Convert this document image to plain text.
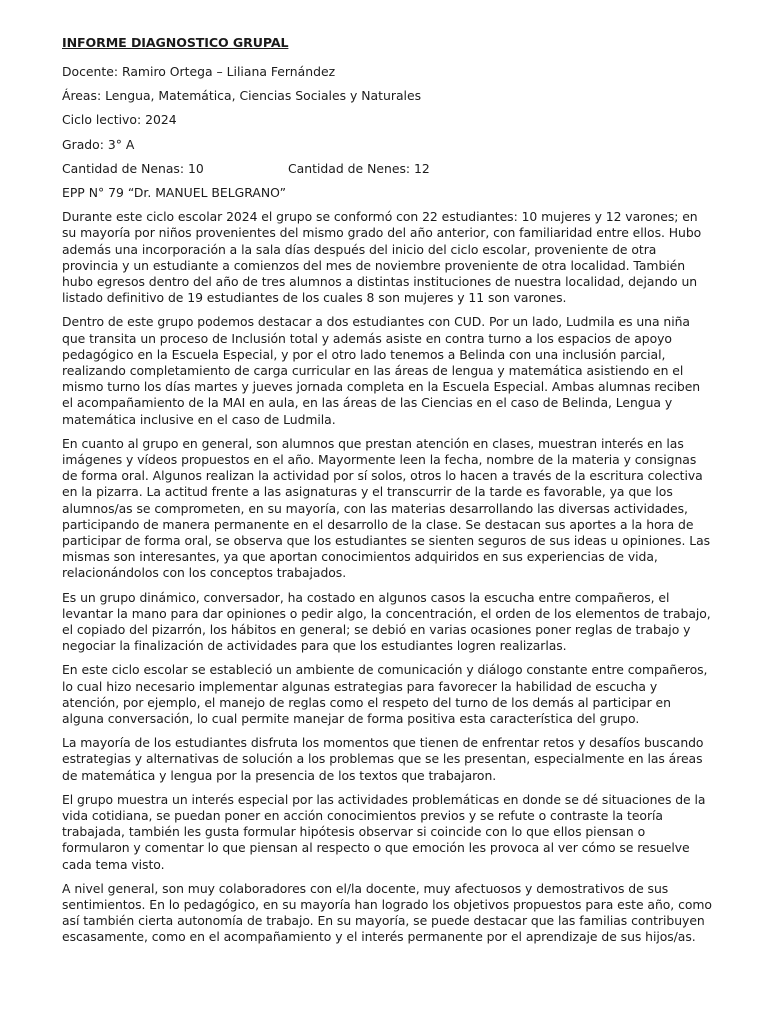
INFORME DIAGNOSTICO GRUPAL

Docente: Ramiro Ortega – Liliana Fernández

Áreas: Lengua, Matemática, Ciencias Sociales y Naturales

Ciclo lectivo: 2024

Grado: 3° A

Cantidad de Nenas: 10	Cantidad de Nenes: 12

EPP N° 79 “Dr. MANUEL BELGRANO”

Durante este ciclo escolar 2024 el grupo se conformó con 22 estudiantes: 10 mujeres y 12 varones; en su mayoría por niños provenientes del mismo grado del año anterior, con familiaridad entre ellos. Hubo además una incorporación a la sala días después del inicio del ciclo escolar, proveniente de otra provincia y un estudiante a comienzos del mes de noviembre proveniente de otra localidad. También hubo egresos dentro del año de tres alumnos a distintas instituciones de nuestra localidad, dejando un listado definitivo de 19 estudiantes de los cuales 8 son mujeres y 11 son varones.

Dentro de este grupo podemos destacar a dos estudiantes con CUD. Por un lado, Ludmila es una niña que transita un proceso de Inclusión total y además asiste en contra turno a los espacios de apoyo pedagógico en la Escuela Especial, y por el otro lado tenemos a Belinda con una inclusión parcial, realizando completamiento de carga curricular en las áreas de lengua y matemática asistiendo en el mismo turno los días martes y jueves jornada completa en la Escuela Especial. Ambas alumnas reciben el acompañamiento de la MAI en aula, en las áreas de las Ciencias en el caso de Belinda, Lengua y matemática inclusive en el caso de Ludmila.

En cuanto al grupo en general, son alumnos que prestan atención en clases, muestran interés en las imágenes y vídeos propuestos en el año. Mayormente leen la fecha, nombre de la materia y consignas de forma oral. Algunos realizan la actividad por sí solos, otros lo hacen a través de la escritura colectiva en la pizarra. La actitud frente a las asignaturas y el transcurrir de la tarde es favorable, ya que los alumnos/as se comprometen, en su mayoría, con las materias desarrollando las diversas actividades, participando de manera permanente en el desarrollo de la clase. Se destacan sus aportes a la hora de participar de forma oral, se observa que los estudiantes se sienten seguros de sus ideas u opiniones. Las mismas son interesantes, ya que aportan conocimientos adquiridos en sus experiencias de vida, relacionándolos con los conceptos trabajados.

Es un grupo dinámico, conversador, ha costado en algunos casos la escucha entre compañeros, el levantar la mano para dar opiniones o pedir algo, la concentración, el orden de los elementos de trabajo, el copiado del pizarrón, los hábitos en general; se debió en varias ocasiones poner reglas de trabajo y negociar la finalización de actividades para que los estudiantes logren realizarlas.

En este ciclo escolar se estableció un ambiente de comunicación y diálogo constante entre compañeros, lo cual hizo necesario implementar algunas estrategias para favorecer la habilidad de escucha y atención, por ejemplo, el manejo de reglas como el respeto del turno de los demás al participar en alguna conversación, lo cual permite manejar de forma positiva esta característica del grupo.

La mayoría de los estudiantes disfruta los momentos que tienen de enfrentar retos y desafíos buscando estrategias y alternativas de solución a los problemas que se les presentan, especialmente en las áreas de matemática y lengua por la presencia de los textos que trabajaron.

El grupo muestra un interés especial por las actividades problemáticas en donde se dé situaciones de la vida cotidiana, se puedan poner en acción conocimientos previos y se refute o contraste la teoría trabajada, también les gusta formular hipótesis observar si coincide con lo que ellos piensan o formularon y comentar lo que piensan al respecto o que emoción les provoca al ver cómo se resuelve cada tema visto.

A nivel general, son muy colaboradores con el/la docente, muy afectuosos y demostrativos de sus sentimientos. En lo pedagógico, en su mayoría han logrado los objetivos propuestos para este año, como así también cierta autonomía de trabajo. En su mayoría, se puede destacar que las familias contribuyen escasamente, como en el acompañamiento y el interés permanente por el aprendizaje de sus hijos/as.
